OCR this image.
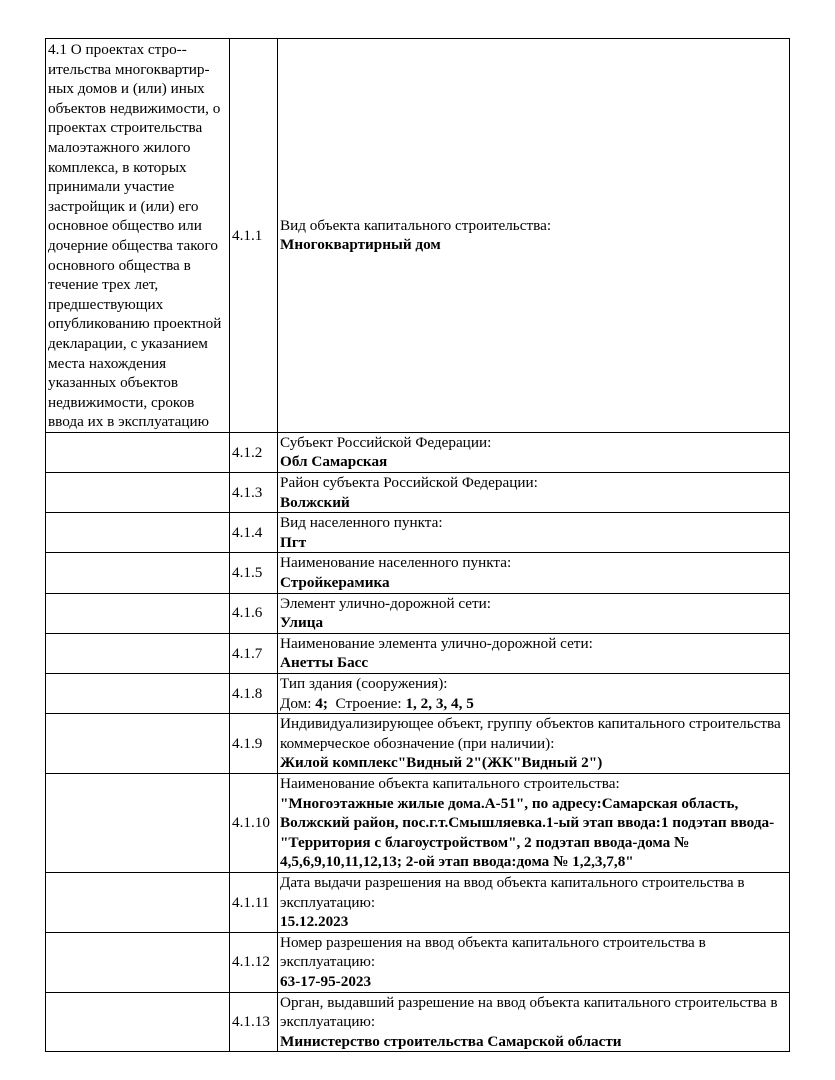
4.1 О проектах стро-ительства многоквартирных домов и (или) иных объектов недвижимости, о проектах строительства малоэтажного жилого комплекса, в которых принимали участие застройщик и (или) его основное общество или дочерние общества такого основного общества в течение трех лет, предшествующих опубликованию проектной декларации, с указанием места нахождения указанных объектов недвижимости, сроков ввода их в эксплуатацию	4.1.1	Вид объекта капитального строительства:
Многоквартирный дом

	4.1.2	Субъект Российской Федерации:
Обл Самарская

	4.1.3	Район субъекта Российской Федерации:
Волжский

	4.1.4	Вид населенного пункта:
Пгт

	4.1.5	Наименование населенного пункта:
Стройкерамика

	4.1.6	Элемент улично-дорожной сети:
Улица

	4.1.7	Наименование элемента улично-дорожной сети:
Анетты Басс

	4.1.8	Тип здания (сооружения):
Дом: 4;  Строение: 1, 2, 3, 4, 5
	4.1.9	Индивидуализирующее объект, группу объектов капитального строительства коммерческое обозначение (при наличии):
Жилой комплекс"Видный 2"(ЖК"Видный 2")

	4.1.10	Наименование объекта капитального строительства:
"Многоэтажные жилые дома.А-51", по адресу:Самарская область, Волжский район, пос.г.т.Смышляевка.1-ый этап ввода:1 подэтап ввода-"Территория с благоустройством", 2 подэтап ввода-дома № 4,5,6,9,10,11,12,13; 2-ой этап ввода:дома № 1,2,3,7,8"

	4.1.11	Дата выдачи разрешения на ввод объекта капитального строительства в эксплуатацию:
15.12.2023

	4.1.12	Номер разрешения на ввод объекта капитального строительства в эксплуатацию:
63-17-95-2023

	4.1.13	Орган, выдавший разрешение на ввод объекта капитального строительства в эксплуатацию:
Министерство строительства Самарской области
